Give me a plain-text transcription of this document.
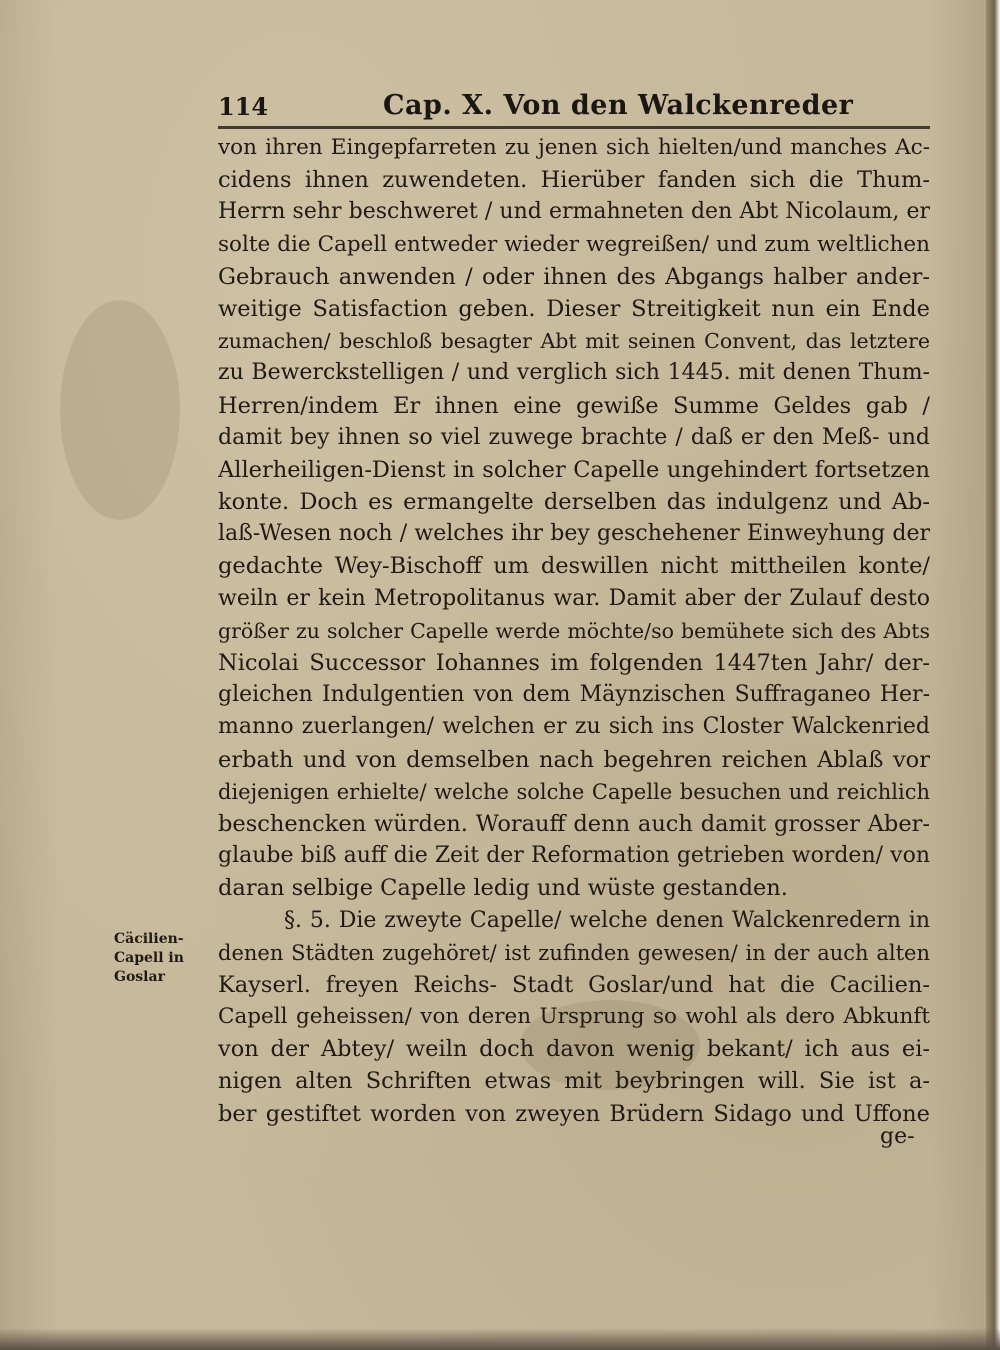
114	Cap. X. Von den Walckenreder
von ihren Eingepfarreten zu jenen sich hielten/und manches Ac-
cidens ihnen zuwendeten. Hierüber fanden sich die Thum-
Herrn sehr beschweret / und ermahneten den Abt Nicolaum, er
solte die Capell entweder wieder wegreißen/ und zum weltlichen
Gebrauch anwenden / oder ihnen des Abgangs halber ander-
weitige Satisfaction geben. Dieser Streitigkeit nun ein Ende
zumachen/ beschloß besagter Abt mit seinen Convent, das letztere
zu Bewerckstelligen / und verglich sich 1445. mit denen Thum-
Herren/indem Er ihnen eine gewiße Summe Geldes gab /
damit bey ihnen so viel zuwege brachte / daß er den Meß- und
Allerheiligen-Dienst in solcher Capelle ungehindert fortsetzen
konte. Doch es ermangelte derselben das indulgenz und Ab-
laß-Wesen noch / welches ihr bey geschehener Einweyhung der
gedachte Wey-Bischoff um deswillen nicht mittheilen konte/
weiln er kein Metropolitanus war. Damit aber der Zulauf desto
größer zu solcher Capelle werde möchte/so bemühete sich des Abts
Nicolai Successor Iohannes im folgenden 1447ten Jahr/ der-
gleichen Indulgentien von dem Mäynzischen Suffraganeo Her-
manno zuerlangen/ welchen er zu sich ins Closter Walckenried
erbath und von demselben nach begehren reichen Ablaß vor
diejenigen erhielte/ welche solche Capelle besuchen und reichlich
beschencken würden. Worauff denn auch damit grosser Aber-
glaube biß auff die Zeit der Reformation getrieben worden/ von
daran selbige Capelle ledig und wüste gestanden.
§. 5. Die zweyte Capelle/ welche denen Walckenredern in
denen Städten zugehöret/ ist zufinden gewesen/ in der auch alten
Kayserl. freyen Reichs- Stadt Goslar/und hat die Cacilien-
Capell geheissen/ von deren Ursprung so wohl als dero Abkunft
von der Abtey/ weiln doch davon wenig bekant/ ich aus ei-
nigen alten Schriften etwas mit beybringen will. Sie ist a-
ber gestiftet worden von zweyen Brüdern Sidago und Uffone
Cäcilien-
Capell in
Goslar
ge-
